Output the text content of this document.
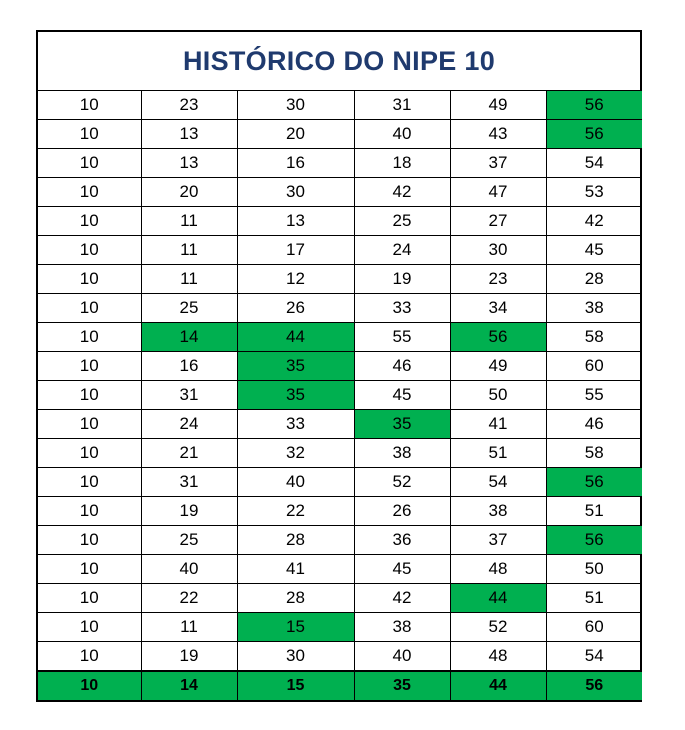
HISTÓRICO DO NIPE 10
10	23	30	31	49	56
10	13	20	40	43	56
10	13	16	18	37	54
10	20	30	42	47	53
10	11	13	25	27	42
10	11	17	24	30	45
10	11	12	19	23	28
10	25	26	33	34	38
10	14	44	55	56	58
10	16	35	46	49	60
10	31	35	45	50	55
10	24	33	35	41	46
10	21	32	38	51	58
10	31	40	52	54	56
10	19	22	26	38	51
10	25	28	36	37	56
10	40	41	45	48	50
10	22	28	42	44	51
10	11	15	38	52	60
10	19	30	40	48	54
10	14	15	35	44	56
